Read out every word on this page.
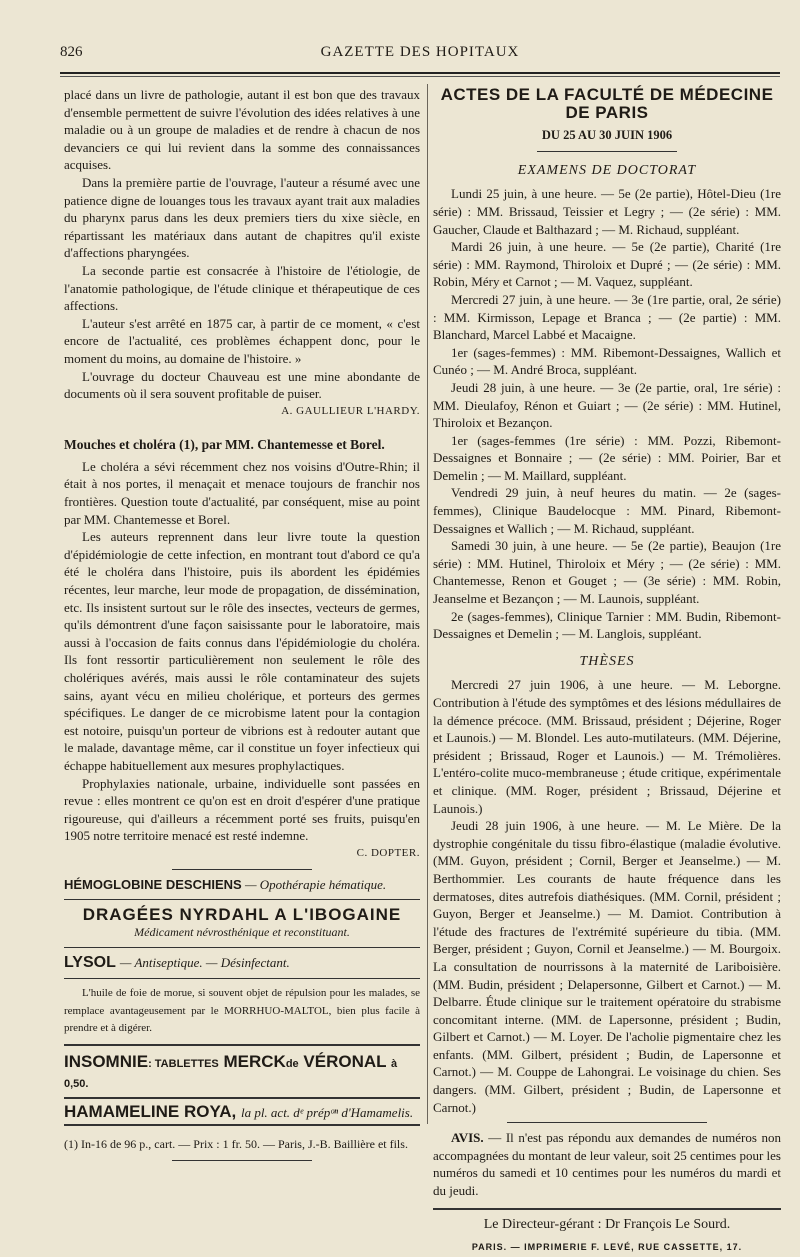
826	GAZETTE DES HOPITAUX

placé dans un livre de pathologie, autant il est bon que des travaux d'ensemble permettent de suivre l'évolution des idées relatives à une maladie ou à un groupe de maladies et de rendre à chacun de nos devanciers ce qui lui revient dans la somme des connaissances acquises.

Dans la première partie de l'ouvrage, l'auteur a résumé avec une patience digne de louanges tous les travaux ayant trait aux maladies du pharynx parus dans les deux premiers tiers du xixe siècle, en répartissant les matériaux dans autant de chapitres qu'il existe d'affections pharyngées.

La seconde partie est consacrée à l'histoire de l'étiologie, de l'anatomie pathologique, de l'étude clinique et thérapeutique de ces affections.

L'auteur s'est arrêté en 1875 car, à partir de ce moment, « c'est encore de l'actualité, ces problèmes échappent donc, pour le moment du moins, au domaine de l'histoire. »

L'ouvrage du docteur Chauveau est une mine abondante de documents où il sera souvent profitable de puiser.

A. GAULLIEUR L'HARDY.
Mouches et choléra (1), par MM. Chantemesse et Borel.

Le choléra a sévi récemment chez nos voisins d'Outre-Rhin; il était à nos portes, il menaçait et menace toujours de franchir nos frontières. Question toute d'actualité, par conséquent, mise au point par MM. Chantemesse et Borel.

Les auteurs reprennent dans leur livre toute la question d'épidémiologie de cette infection, en montrant tout d'abord ce qu'a été le choléra dans l'histoire, puis ils abordent les épidémies récentes, leur marche, leur mode de propagation, de dissémination, etc. Ils insistent surtout sur le rôle des insectes, vecteurs de germes, qu'ils démontrent d'une façon saisissante pour le laboratoire, mais aussi à l'occasion de faits connus dans l'épidémiologie du choléra. Ils font ressortir particulièrement non seulement le rôle des cholériques avérés, mais aussi le rôle contaminateur des sujets sains, ayant vécu en milieu cholérique, et porteurs des germes spécifiques. Le danger de ce microbisme latent pour la contagion est notoire, puisqu'un porteur de vibrions est à redouter autant que le malade, davantage même, car il constitue un foyer infectieux qui échappe habituellement aux mesures prophylactiques.

Prophylaxies nationale, urbaine, individuelle sont passées en revue : elles montrent ce qu'on est en droit d'espérer d'une pratique rigoureuse, qui d'ailleurs a récemment porté ses fruits, puisqu'en 1905 notre territoire menacé est resté indemne.

C. DOPTER.
HÉMOGLOBINE DESCHIENS — Opothérapie hématique.
DRAGÉES NYRDAHL A L'IBOGAINE
Médicament névrosthénique et reconstituant.
LYSOL — Antiseptique. — Désinfectant.

L'huile de foie de morue, si souvent objet de répulsion pour les malades, se remplace avantageusement par le MORRHUO-MALTOL, bien plus facile à prendre et à digérer.

INSOMNIE: TABLETTES MERCKde VÉRONAL à 0,50.
HAMAMELINE ROYA, la pl. act. dᵉ prépᵒⁿ d'Hamamelis.

(1) In-16 de 96 p., cart. — Prix : 1 fr. 50. — Paris, J.-B. Baillière et fils.

ACTES DE LA FACULTÉ DE MÉDECINE DE PARIS
DU 25 AU 30 JUIN 1906
EXAMENS DE DOCTORAT

Lundi 25 juin, à une heure. — 5e (2e partie), Hôtel-Dieu (1re série) : MM. Brissaud, Teissier et Legry ; — (2e série) : MM. Gaucher, Claude et Balthazard ; — M. Richaud, suppléant.

Mardi 26 juin, à une heure. — 5e (2e partie), Charité (1re série) : MM. Raymond, Thiroloix et Dupré ; — (2e série) : MM. Robin, Méry et Carnot ; — M. Vaquez, suppléant.

Mercredi 27 juin, à une heure. — 3e (1re partie, oral, 2e série) : MM. Kirmisson, Lepage et Branca ; — (2e partie) : MM. Blanchard, Marcel Labbé et Macaigne.

1er (sages-femmes) : MM. Ribemont-Dessaignes, Wallich et Cunéo ; — M. André Broca, suppléant.

Jeudi 28 juin, à une heure. — 3e (2e partie, oral, 1re série) : MM. Dieulafoy, Rénon et Guiart ; — (2e série) : MM. Hutinel, Thiroloix et Bezançon.

1er (sages-femmes (1re série) : MM. Pozzi, Ribemont-Dessaignes et Bonnaire ; — (2e série) : MM. Poirier, Bar et Demelin ; — M. Maillard, suppléant.

Vendredi 29 juin, à neuf heures du matin. — 2e (sages-femmes), Clinique Baudelocque : MM. Pinard, Ribemont-Dessaignes et Wallich ; — M. Richaud, suppléant.

Samedi 30 juin, à une heure. — 5e (2e partie), Beaujon (1re série) : MM. Hutinel, Thiroloix et Méry ; — (2e série) : MM. Chantemesse, Renon et Gouget ; — (3e série) : MM. Robin, Jeanselme et Bezançon ; — M. Launois, suppléant.

2e (sages-femmes), Clinique Tarnier : MM. Budin, Ribemont-Dessaignes et Demelin ; — M. Langlois, suppléant.

THÈSES

Mercredi 27 juin 1906, à une heure. — M. Leborgne. Contribution à l'étude des symptômes et des lésions médullaires de la démence précoce. (MM. Brissaud, président ; Déjerine, Roger et Launois.) — M. Blondel. Les auto-mutilateurs. (MM. Déjerine, président ; Brissaud, Roger et Launois.) — M. Trémolières. L'entéro-colite muco-membraneuse ; étude critique, expérimentale et clinique. (MM. Roger, président ; Brissaud, Déjerine et Launois.)

Jeudi 28 juin 1906, à une heure. — M. Le Mière. De la dystrophie congénitale du tissu fibro-élastique (maladie évolutive. (MM. Guyon, président ; Cornil, Berger et Jeanselme.) — M. Berthommier. Les courants de haute fréquence dans les dermatoses, dites autrefois diathésiques. (MM. Cornil, président ; Guyon, Berger et Jeanselme.) — M. Damiot. Contribution à l'étude des fractures de l'extrémité supérieure du tibia. (MM. Berger, président ; Guyon, Cornil et Jeanselme.) — M. Bourgoix. La consultation de nourrissons à la maternité de Lariboisière. (MM. Budin, président ; Delapersonne, Gilbert et Carnot.) — M. Delbarre. Étude clinique sur le traitement opératoire du strabisme concomitant interne. (MM. de Lapersonne, président ; Budin, Gilbert et Carnot.) — M. Loyer. De l'acholie pigmentaire chez les enfants. (MM. Gilbert, président ; Budin, de Lapersonne et Carnot.) — M. Couppe de Lahongrai. Le voisinage du chien. Ses dangers. (MM. Gilbert, président ; Budin, de Lapersonne et Carnot.)

AVIS. — Il n'est pas répondu aux demandes de numéros non accompagnées du montant de leur valeur, soit 25 centimes pour les numéros du samedi et 10 centimes pour les numéros du mardi et du jeudi.

Le Directeur-gérant : Dr François Le Sourd.
PARIS. — IMPRIMERIE F. LEVÉ, RUE CASSETTE, 17.
